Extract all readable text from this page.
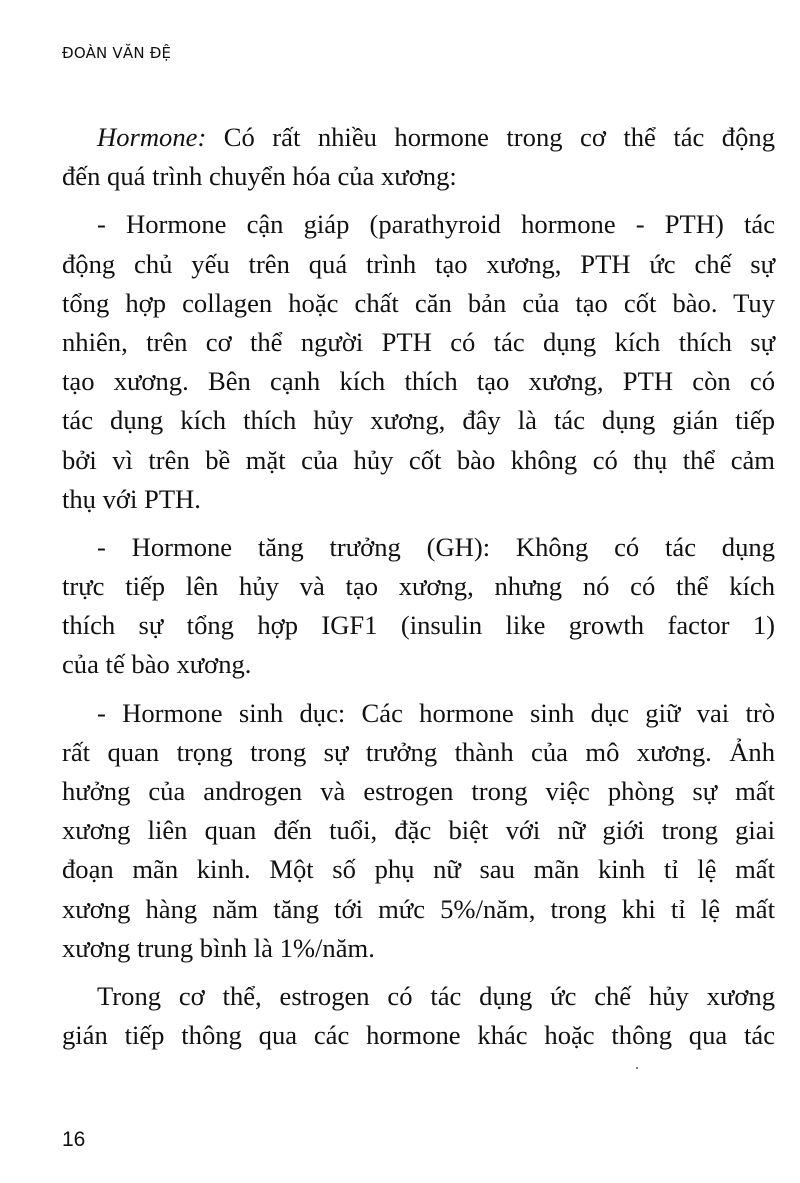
ĐOÀN VĂN ĐỆ
Hormone: Có rất nhiều hormone trong cơ thể tác động
đến quá trình chuyển hóa của xương:
- Hormone cận giáp (parathyroid hormone - PTH) tác
động chủ yếu trên quá trình tạo xương, PTH ức chế sự
tổng hợp collagen hoặc chất căn bản của tạo cốt bào. Tuy
nhiên, trên cơ thể người PTH có tác dụng kích thích sự
tạo xương. Bên cạnh kích thích tạo xương, PTH còn có
tác dụng kích thích hủy xương, đây là tác dụng gián tiếp
bởi vì trên bề mặt của hủy cốt bào không có thụ thể cảm
thụ với PTH.
- Hormone tăng trưởng (GH): Không có tác dụng
trực tiếp lên hủy và tạo xương, nhưng nó có thể kích
thích sự tổng hợp IGF1 (insulin like growth factor 1)
của tế bào xương.
- Hormone sinh dục: Các hormone sinh dục giữ vai trò
rất quan trọng trong sự trưởng thành của mô xương. Ảnh
hưởng của androgen và estrogen trong việc phòng sự mất
xương liên quan đến tuổi, đặc biệt với nữ giới trong giai
đoạn mãn kinh. Một số phụ nữ sau mãn kinh tỉ lệ mất
xương hàng năm tăng tới mức 5%/năm, trong khi tỉ lệ mất
xương trung bình là 1%/năm.
Trong cơ thể, estrogen có tác dụng ức chế hủy xương
gián tiếp thông qua các hormone khác hoặc thông qua tác
16
